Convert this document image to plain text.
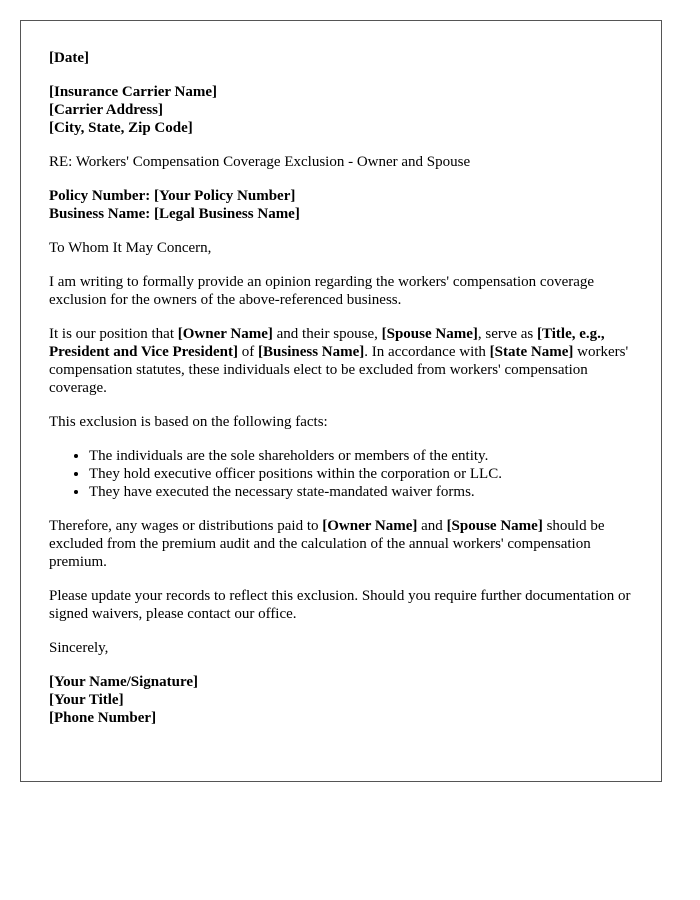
[Date]

[Insurance Carrier Name]
[Carrier Address]
[City, State, Zip Code]

RE: Workers' Compensation Coverage Exclusion - Owner and Spouse

Policy Number: [Your Policy Number]
Business Name: [Legal Business Name]

To Whom It May Concern,

I am writing to formally provide an opinion regarding the workers' compensation coverage exclusion for the owners of the above-referenced business.

It is our position that [Owner Name] and their spouse, [Spouse Name], serve as [Title, e.g., President and Vice President] of [Business Name]. In accordance with [State Name] workers' compensation statutes, these individuals elect to be excluded from workers' compensation coverage.

This exclusion is based on the following facts:

• The individuals are the sole shareholders or members of the entity.
• They hold executive officer positions within the corporation or LLC.
• They have executed the necessary state-mandated waiver forms.

Therefore, any wages or distributions paid to [Owner Name] and [Spouse Name] should be excluded from the premium audit and the calculation of the annual workers' compensation premium.

Please update your records to reflect this exclusion. Should you require further documentation or signed waivers, please contact our office.

Sincerely,

[Your Name/Signature]
[Your Title]
[Phone Number]
